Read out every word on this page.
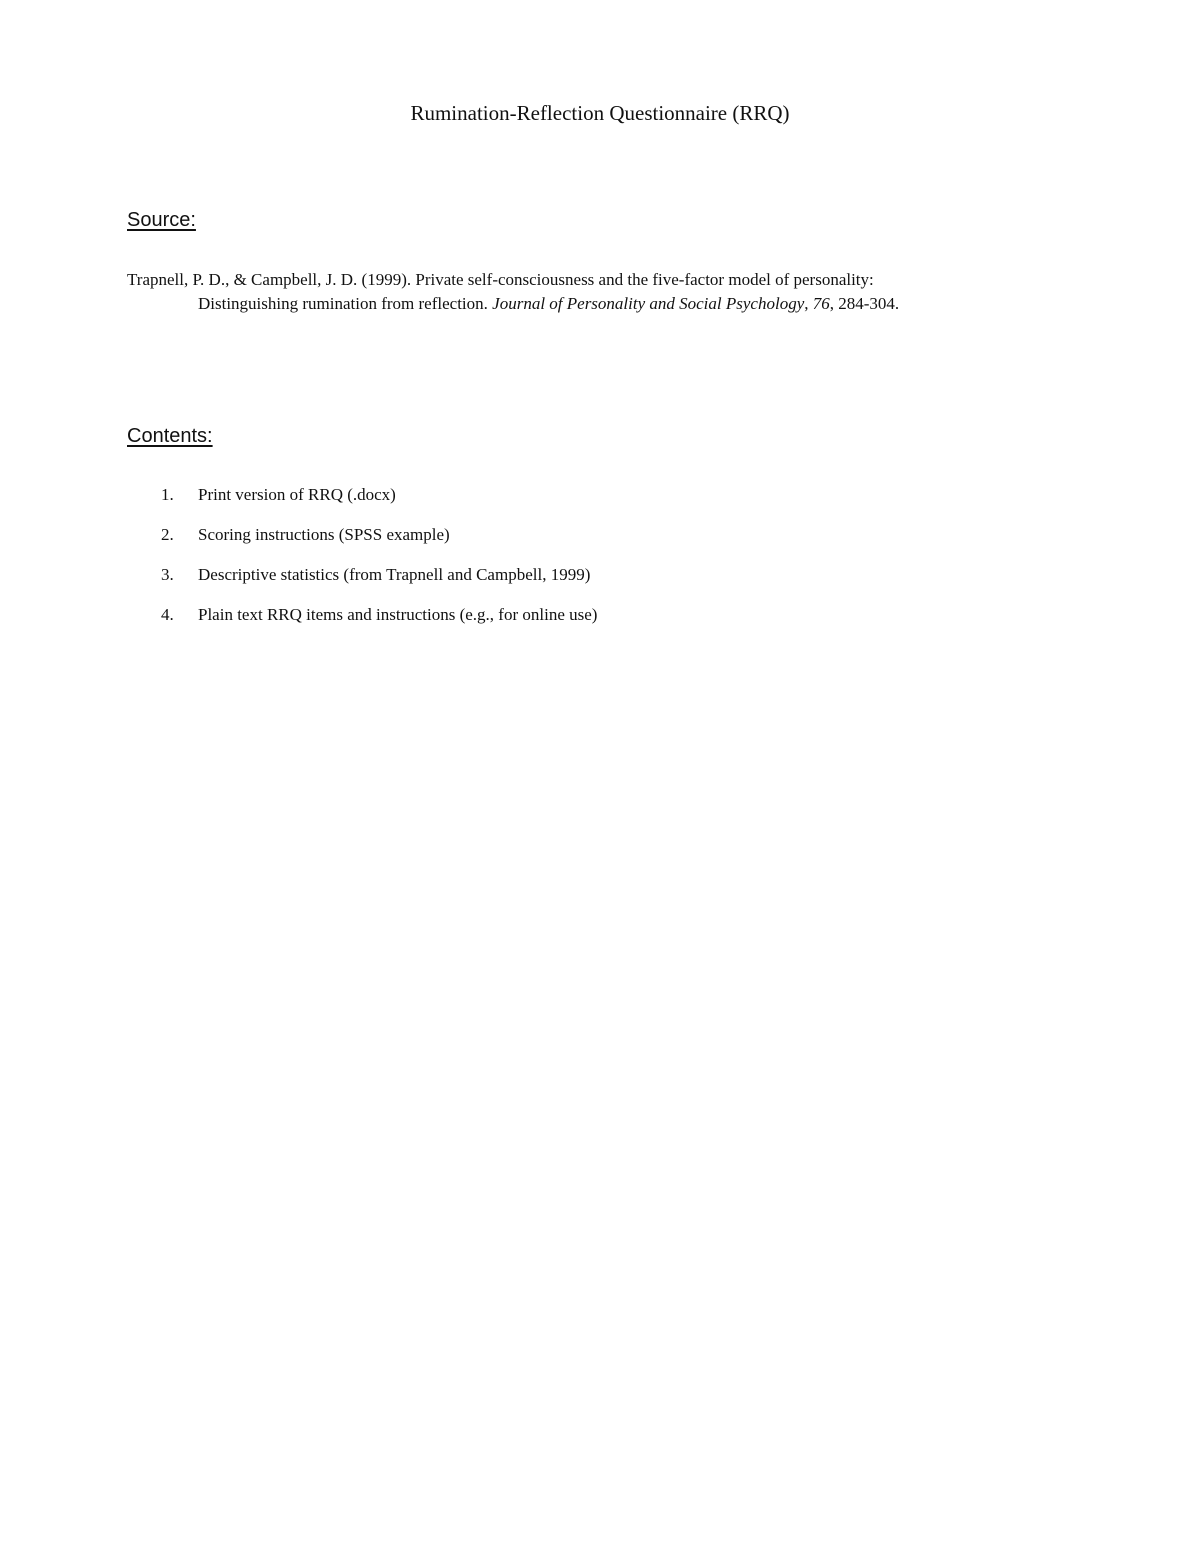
Rumination-Reflection Questionnaire (RRQ)
Source:
Trapnell, P. D., & Campbell, J. D. (1999). Private self-consciousness and the five-factor model of personality:
Distinguishing rumination from reflection. Journal of Personality and Social Psychology, 76, 284-304.
Contents:
1. Print version of RRQ (.docx)
2. Scoring instructions (SPSS example)
3. Descriptive statistics (from Trapnell and Campbell, 1999)
4. Plain text RRQ items and instructions (e.g., for online use)
